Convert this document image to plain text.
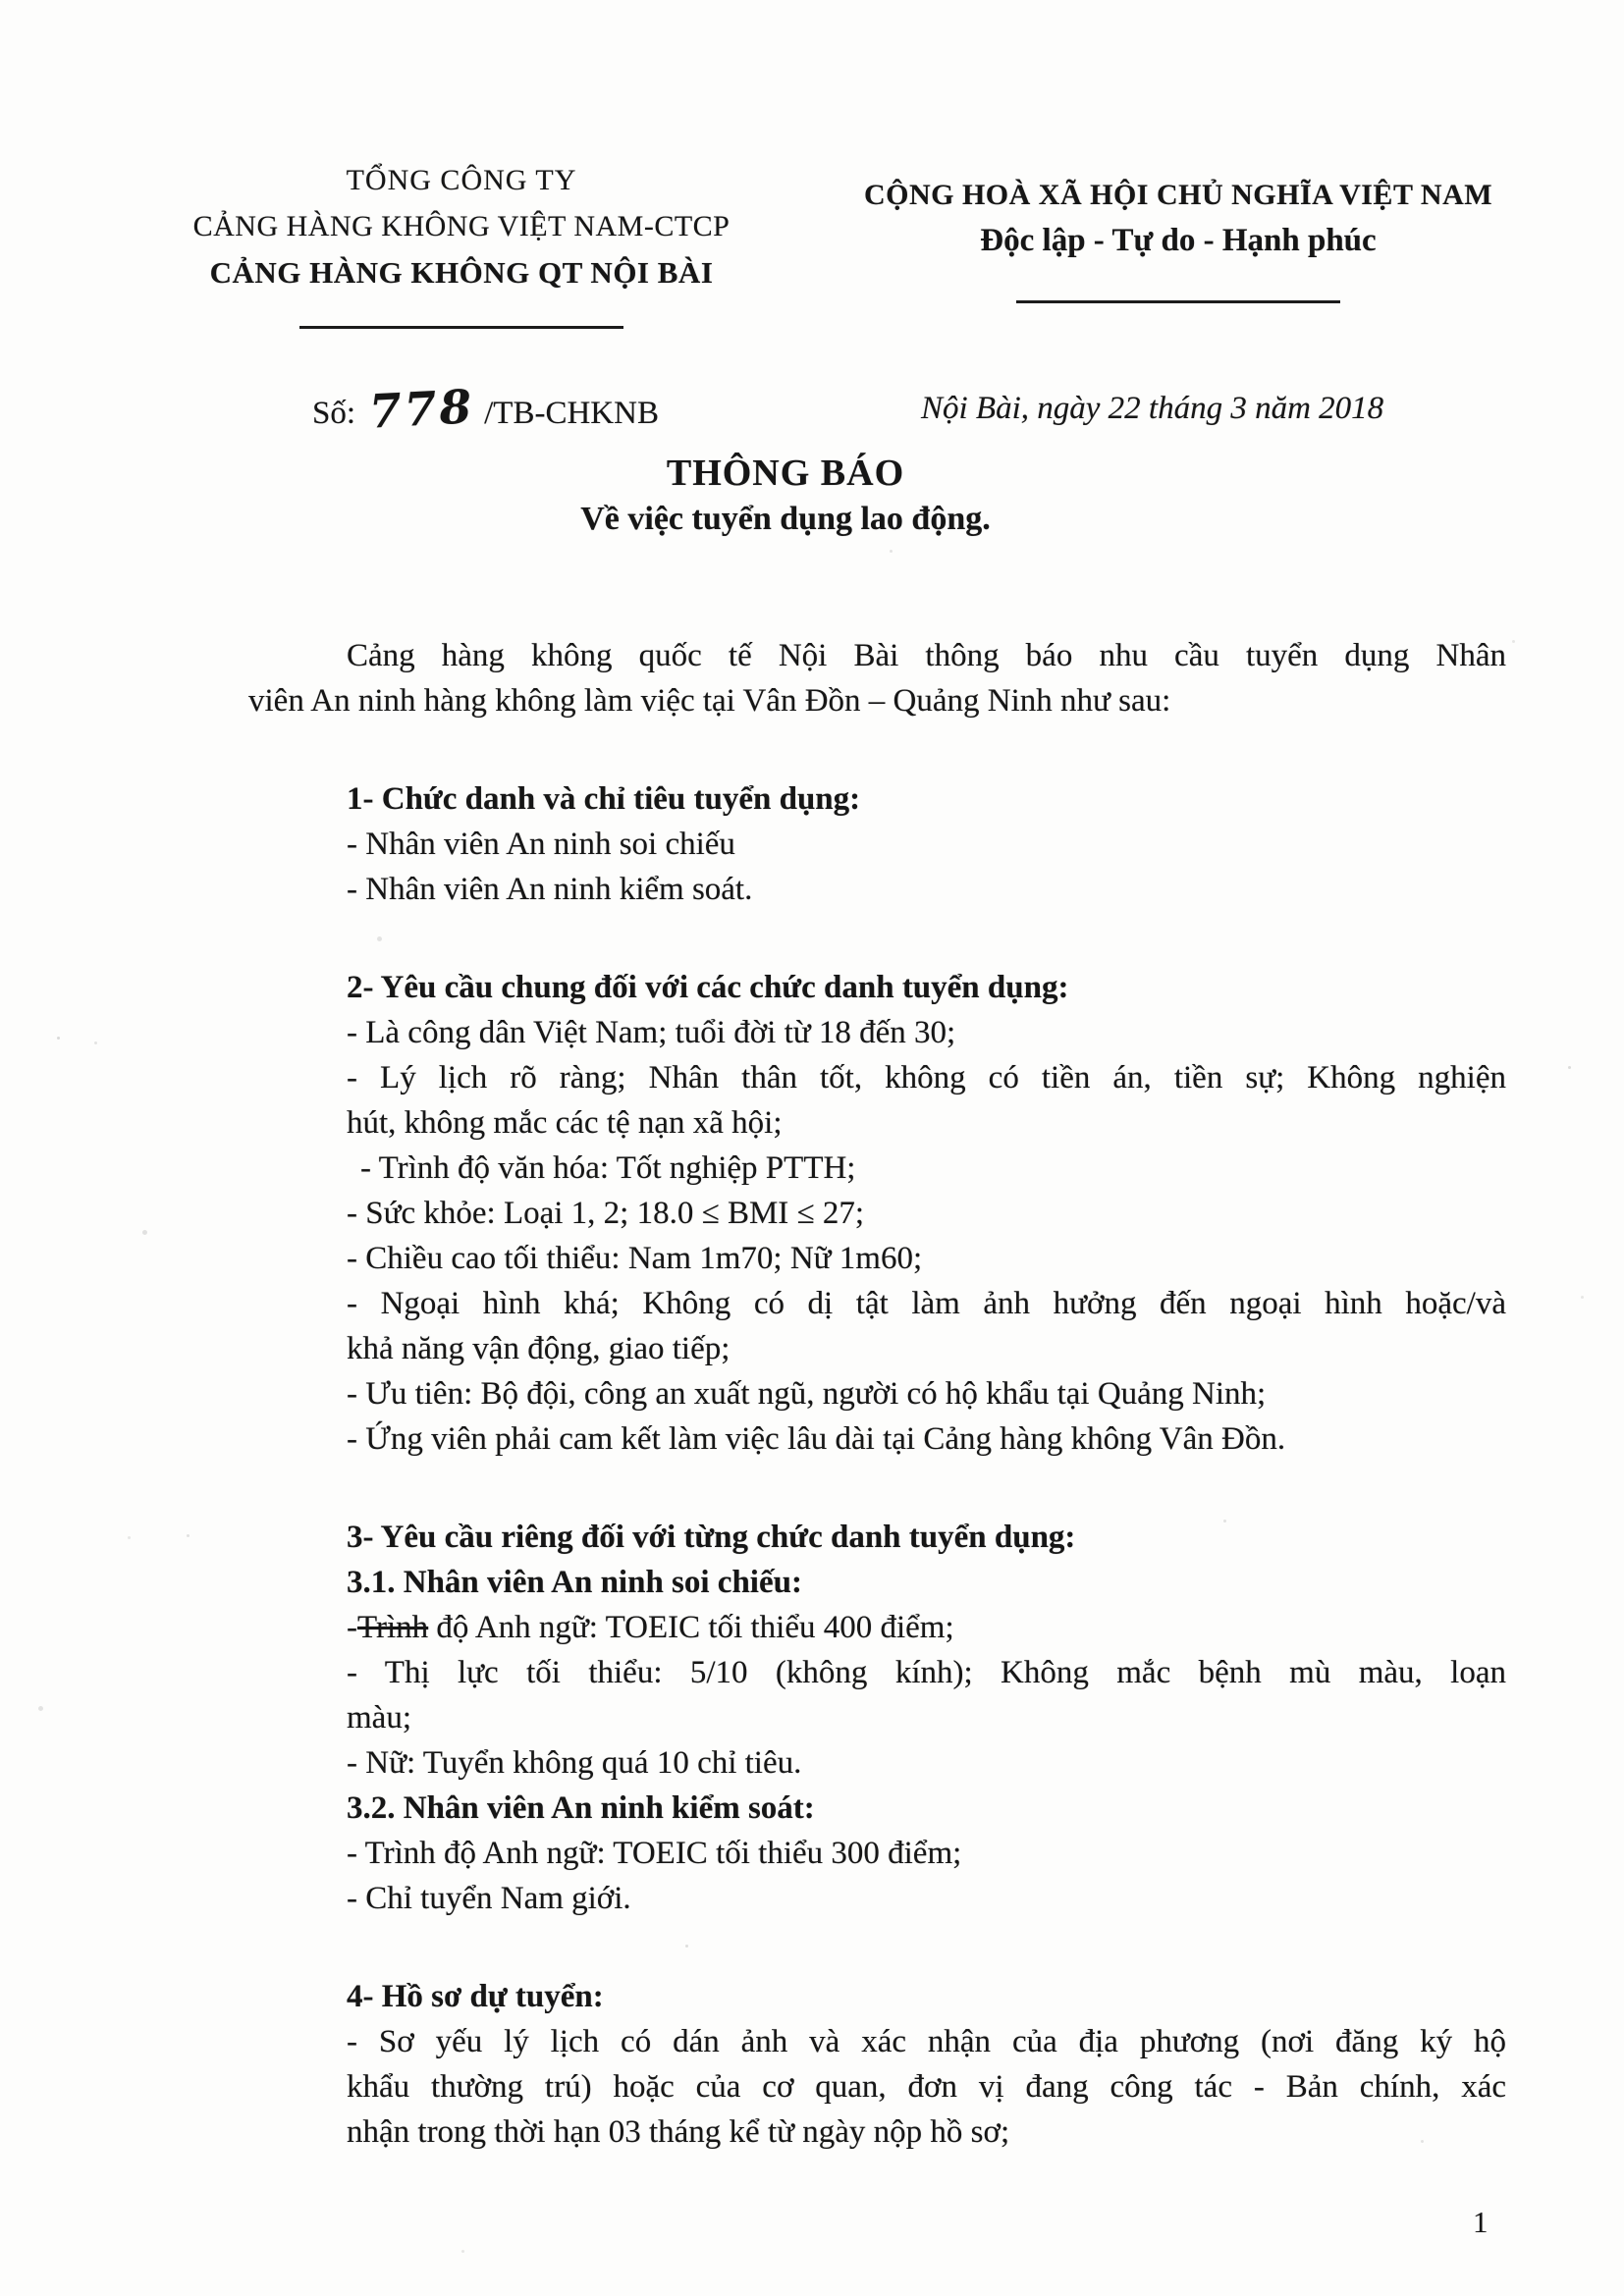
TỔNG CÔNG TY
CẢNG HÀNG KHÔNG VIỆT NAM-CTCP
CẢNG HÀNG KHÔNG QT NỘI BÀI
CỘNG HOÀ XÃ HỘI CHỦ NGHĨA VIỆT NAM
Độc lập - Tự do - Hạnh phúc
Số: 778 /TB-CHKNB	Nội Bài, ngày 22 tháng 3 năm 2018
THÔNG BÁO
Về việc tuyển dụng lao động.
Cảng hàng không quốc tế Nội Bài thông báo nhu cầu tuyển dụng Nhân
viên An ninh hàng không làm việc tại Vân Đồn – Quảng Ninh như sau:
1- Chức danh và chỉ tiêu tuyển dụng:
- Nhân viên An ninh soi chiếu
- Nhân viên An ninh kiểm soát.
2- Yêu cầu chung đối với các chức danh tuyển dụng:
- Là công dân Việt Nam; tuổi đời từ 18 đến 30;
- Lý lịch rõ ràng; Nhân thân tốt, không có tiền án, tiền sự; Không nghiện
hút, không mắc các tệ nạn xã hội;
- Trình độ văn hóa: Tốt nghiệp PTTH;
- Sức khỏe: Loại 1, 2; 18.0 ≤ BMI ≤ 27;
- Chiều cao tối thiểu: Nam 1m70; Nữ 1m60;
- Ngoại hình khá; Không có dị tật làm ảnh hưởng đến ngoại hình hoặc/và
khả năng vận động, giao tiếp;
- Ưu tiên: Bộ đội, công an xuất ngũ, người có hộ khẩu tại Quảng Ninh;
- Ứng viên phải cam kết làm việc lâu dài tại Cảng hàng không Vân Đồn.
3- Yêu cầu riêng đối với từng chức danh tuyển dụng:
3.1. Nhân viên An ninh soi chiếu:
-Trình độ Anh ngữ: TOEIC tối thiểu 400 điểm;
- Thị lực tối thiểu: 5/10 (không kính); Không mắc bệnh mù màu, loạn
màu;
- Nữ: Tuyển không quá 10 chỉ tiêu.
3.2. Nhân viên An ninh kiểm soát:
- Trình độ Anh ngữ: TOEIC tối thiểu 300 điểm;
- Chỉ tuyển Nam giới.
4- Hồ sơ dự tuyển:
- Sơ yếu lý lịch có dán ảnh và xác nhận của địa phương (nơi đăng ký hộ
khẩu thường trú) hoặc của cơ quan, đơn vị đang công tác - Bản chính, xác
nhận trong thời hạn 03 tháng kể từ ngày nộp hồ sơ;
1
